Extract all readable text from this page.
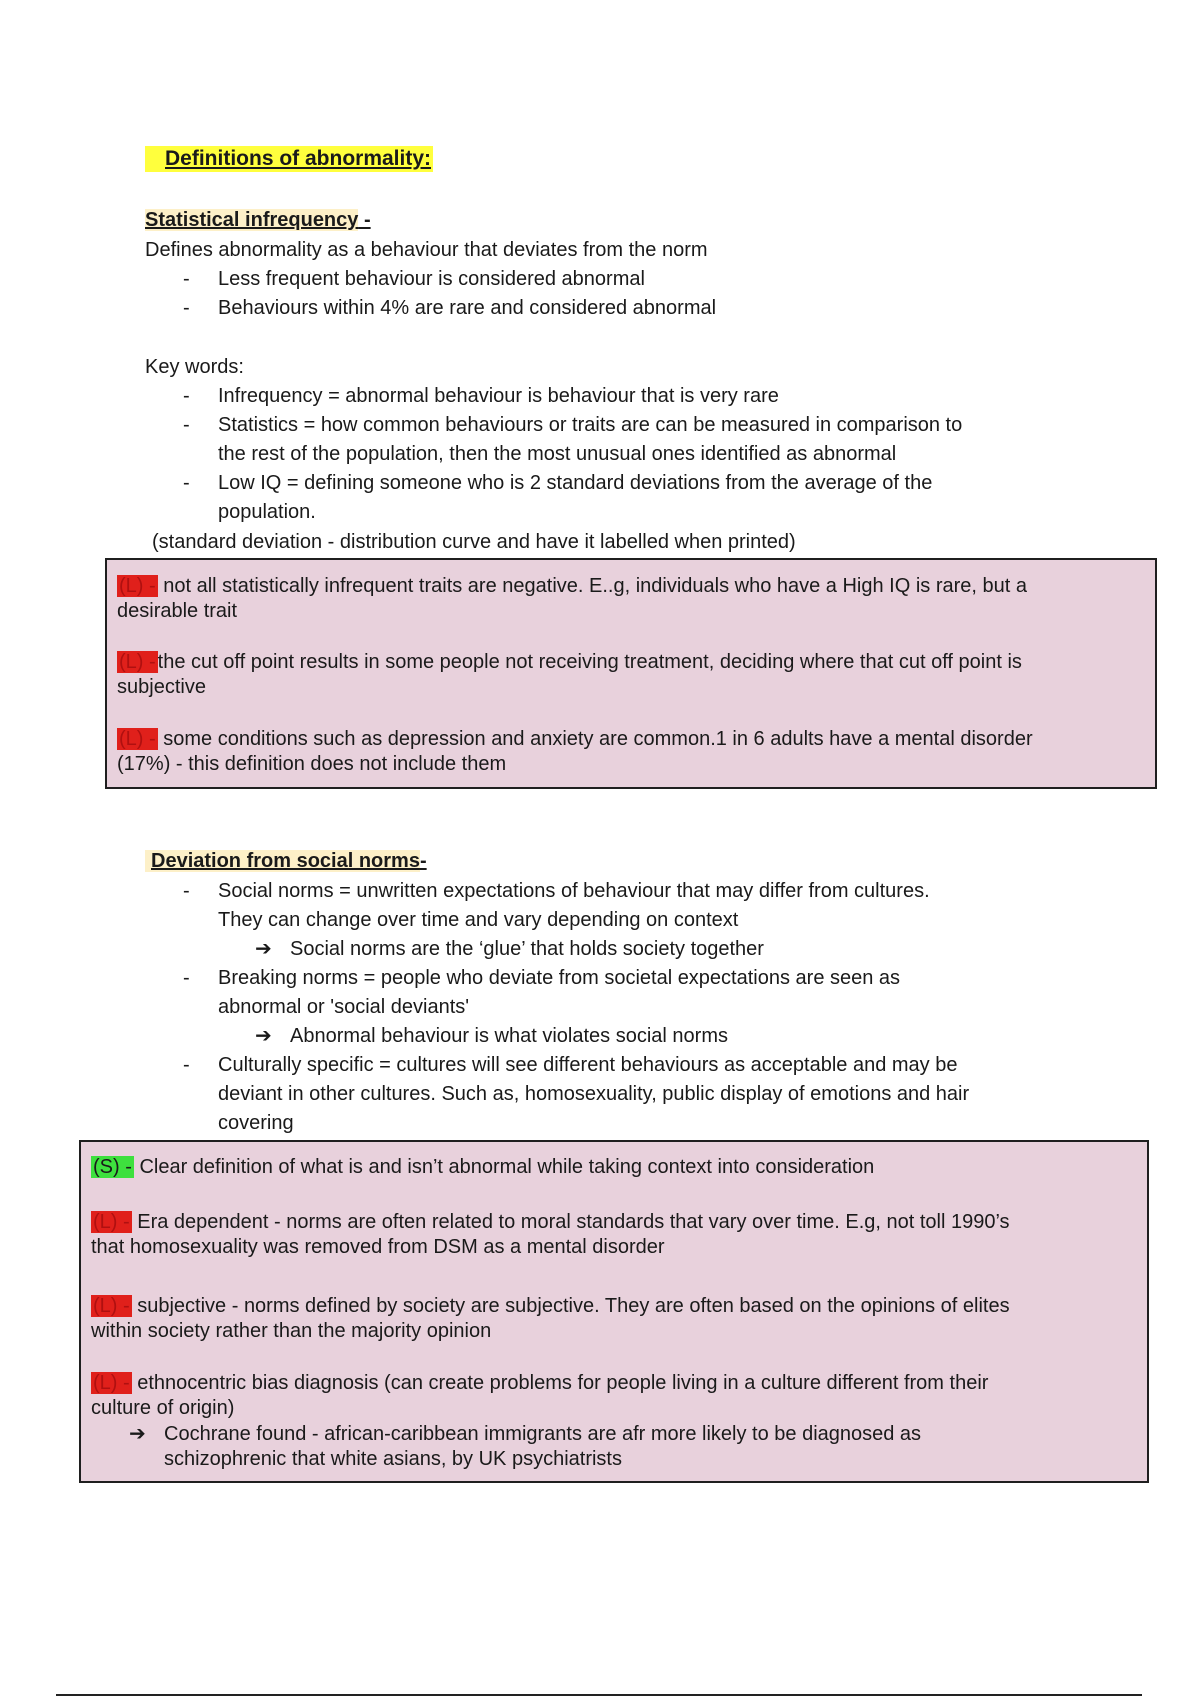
Definitions of abnormality:
Statistical infrequency -
Defines abnormality as a behaviour that deviates from the norm
- Less frequent behaviour is considered abnormal
- Behaviours within 4% are rare and considered abnormal
Key words:
- Infrequency = abnormal behaviour is behaviour that is very rare
- Statistics = how common behaviours or traits are can be measured in comparison to
the rest of the population, then the most unusual ones identified as abnormal
- Low IQ = defining someone who is 2 standard deviations from the average of the
population.
(standard deviation - distribution curve and have it labelled when printed)
(L) - not all statistically infrequent traits are negative. E..g, individuals who have a High IQ is rare, but a
desirable trait
(L) - the cut off point results in some people not receiving treatment, deciding where that cut off point is
subjective
(L) - some conditions such as depression and anxiety are common.1 in 6 adults have a mental disorder
(17%) - this definition does not include them
Deviation from social norms-
- Social norms = unwritten expectations of behaviour that may differ from cultures.
They can change over time and vary depending on context
➔ Social norms are the ‘glue’ that holds society together
- Breaking norms = people who deviate from societal expectations are seen as
abnormal or 'social deviants'
➔ Abnormal behaviour is what violates social norms
- Culturally specific = cultures will see different behaviours as acceptable and may be
deviant in other cultures. Such as, homosexuality, public display of emotions and hair
covering
(S) - Clear definition of what is and isn’t abnormal while taking context into consideration
(L) - Era dependent - norms are often related to moral standards that vary over time. E.g, not toll 1990’s
that homosexuality was removed from DSM as a mental disorder
(L) - subjective - norms defined by society are subjective. They are often based on the opinions of elites
within society rather than the majority opinion
(L) - ethnocentric bias diagnosis (can create problems for people living in a culture different from their
culture of origin)
➔ Cochrane found - african-caribbean immigrants are afr more likely to be diagnosed as
schizophrenic that white asians, by UK psychiatrists
